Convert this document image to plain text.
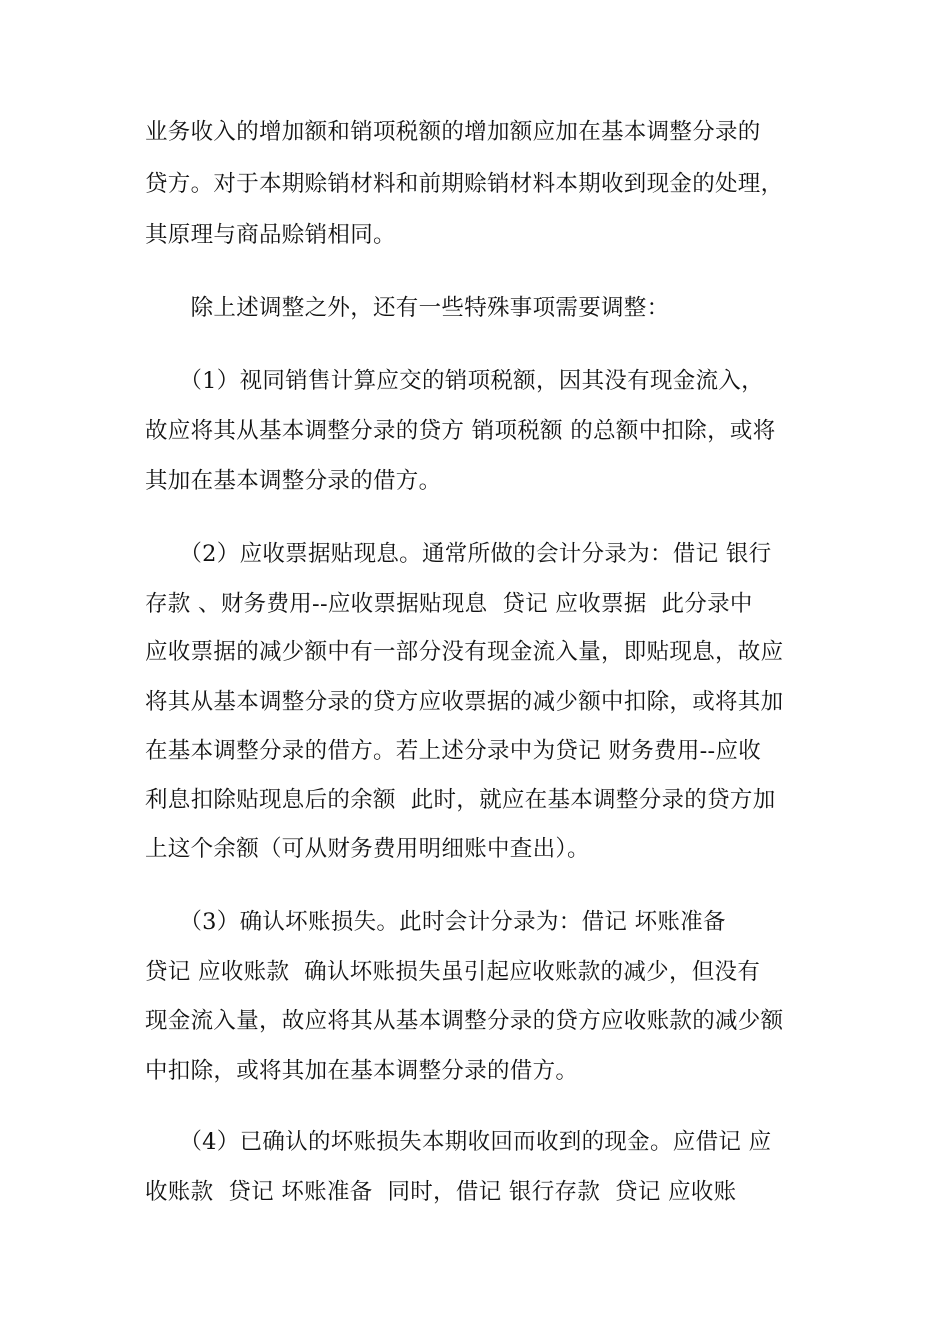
业务收入的增加额和销项税额的增加额应加在基本调整分录的
贷方。对于本期赊销材料和前期赊销材料本期收到现金的处理，
其原理与商品赊销相同。
　　除上述调整之外，还有一些特殊事项需要调整：
　　（1）视同销售计算应交的销项税额，因其没有现金流入，
故应将其从基本调整分录的贷方 销项税额 的总额中扣除，或将
其加在基本调整分录的借方。
　　（2）应收票据贴现息。通常所做的会计分录为：借记 银行
存款 、财务费用--应收票据贴现息  贷记 应收票据  此分录中
应收票据的减少额中有一部分没有现金流入量，即贴现息，故应
将其从基本调整分录的贷方应收票据的减少额中扣除，或将其加
在基本调整分录的借方。若上述分录中为贷记 财务费用--应收
利息扣除贴现息后的余额  此时，就应在基本调整分录的贷方加
上这个余额（可从财务费用明细账中查出）。
　　（3）确认坏账损失。此时会计分录为：借记 坏账准备
贷记 应收账款  确认坏账损失虽引起应收账款的减少，但没有
现金流入量，故应将其从基本调整分录的贷方应收账款的减少额
中扣除，或将其加在基本调整分录的借方。
　　（4）已确认的坏账损失本期收回而收到的现金。应借记 应
收账款  贷记 坏账准备  同时，借记 银行存款  贷记 应收账
